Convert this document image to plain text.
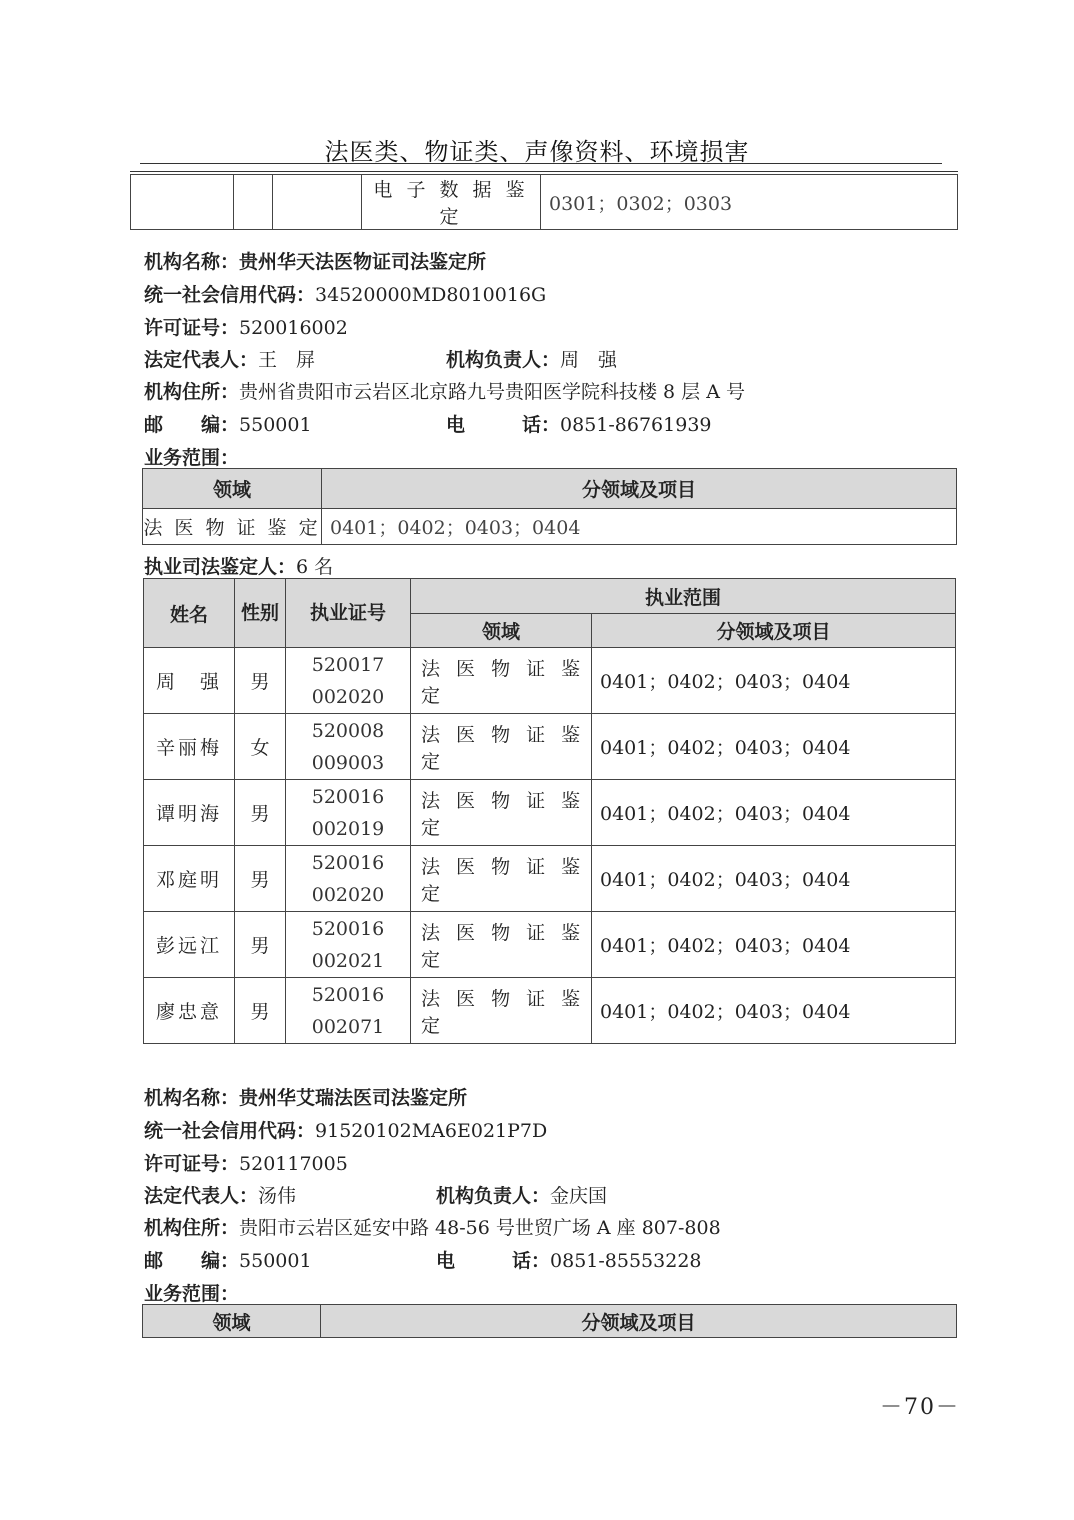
法医类、物证类、声像资料、环境损害
			电 子 数 据 鉴 定	0301；0302；0303
机构名称：贵州华天法医物证司法鉴定所
统一社会信用代码：34520000MD8010016G
许可证号：520016002
法定代表人：王　屏	机构负责人：周　强
机构住所：贵州省贵阳市云岩区北京路九号贵阳医学院科技楼 8 层 A 号
邮　　编：550001	电　　　话：0851-86761939
业务范围：
领域	分领域及项目
法 医 物 证 鉴 定	0401；0402；0403；0404
执业司法鉴定人：6 名
姓名	性别	执业证号	执业范围	
			领域	分领域及项目
周　强	男	520017
002020	法 医 物 证 鉴 定	0401；0402；0403；0404
辛丽梅	女	520008
009003	法 医 物 证 鉴 定	0401；0402；0403；0404
谭明海	男	520016
002019	法 医 物 证 鉴 定	0401；0402；0403；0404
邓庭明	男	520016
002020	法 医 物 证 鉴 定	0401；0402；0403；0404
彭远江	男	520016
002021	法 医 物 证 鉴 定	0401；0402；0403；0404
廖忠意	男	520016
002071	法 医 物 证 鉴 定	0401；0402；0403；0404
机构名称：贵州华艾瑞法医司法鉴定所
统一社会信用代码：91520102MA6E021P7D
许可证号：520117005
法定代表人：汤伟	机构负责人：金庆国
机构住所：贵阳市云岩区延安中路 48-56 号世贸广场 A 座 807-808
邮　　编：550001	电　　　话：0851-85553228
业务范围：
领域	分领域及项目
－70－
